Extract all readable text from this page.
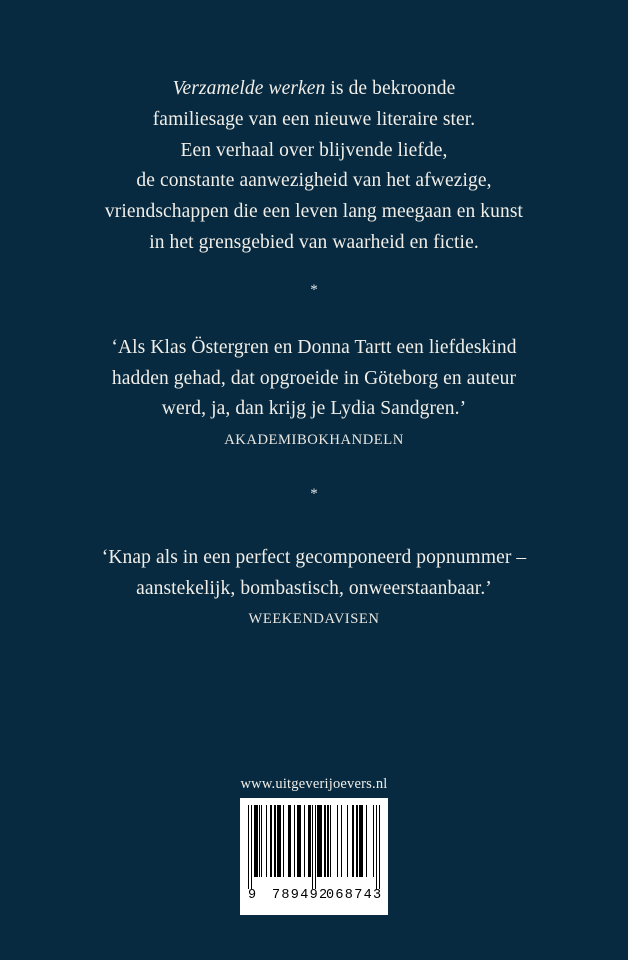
Verzamelde werken is de bekroonde
familiesage van een nieuwe literaire ster.
Een verhaal over blijvende liefde,
de constante aanwezigheid van het afwezige,
vriendschappen die een leven lang meegaan en kunst
in het grensgebied van waarheid en fictie.
*
‘Als Klas Östergren en Donna Tartt een liefdeskind
hadden gehad, dat opgroeide in Göteborg en auteur
werd, ja, dan krijg je Lydia Sandgren.’
AKADEMIBOKHANDELN
*
‘Knap als in een perfect gecomponeerd popnummer –
aanstekelijk, bombastisch, onweerstaanbaar.’
WEEKENDAVISEN
www.uitgeverijoevers.nl
9 789492
068743
